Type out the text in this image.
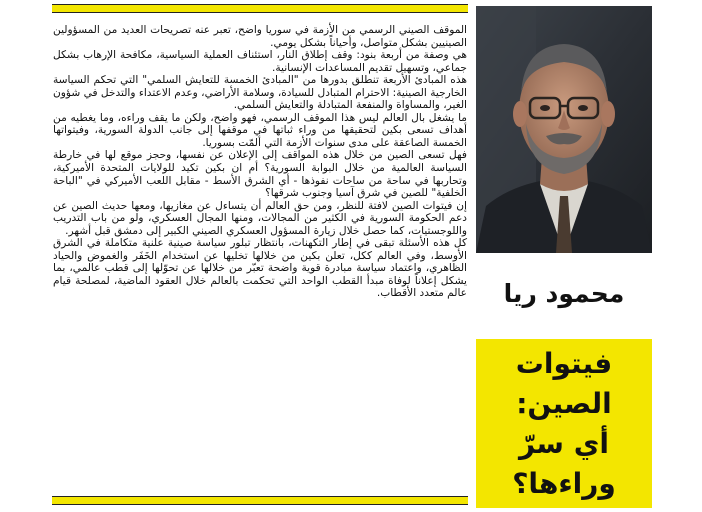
الموقف الصيني الرسمي من الأزمة في سوريا واضح، تعبر عنه تصريحات العديد من المسؤولين الصينيين بشكل متواصل، وأحياناً بشكل يومي.

هي وصفة من أربعة بنود: وقف إطلاق النار، استئناف العملية السياسية، مكافحة الإرهاب بشكل جماعي، وتسهيل تقديم المساعدات الإنسانية.

هذه المبادئ الأربعة تنطلق بدورها من "المبادئ الخمسة للتعايش السلمي" التي تحكم السياسة الخارجية الصينية: الاحترام المتبادل للسيادة، وسلامة الأراضي، وعدم الاعتداء والتدخل في شؤون الغير، والمساواة والمنفعة المتبادلة والتعايش السلمي.

ما يشغل بال العالم ليس هذا الموقف الرسمي، فهو واضح، ولكن ما يقف وراءه، وما يغطيه من أهداف تسعى بكين لتحقيقها من وراء ثباتها في موقفها إلى جانب الدولة السورية، وفيتواتها الخمسة الصاعقة على مدى سنوات الأزمة التي ألمّت بسوريا.

فهل تسعى الصين من خلال هذه المواقف إلى الإعلان عن نفسها، وحجز موقع لها في خارطة السياسة العالمية من خلال البوابة السورية؟ أم ان بكين تكيد للولايات المتحدة الأميركية، وتحاربها في ساحة من ساحات نفوذها - أي الشرق الأسط - مقابل اللعب الأميركي في "الباحة الخلفية" للصين في شرق آسيا وجنوب شرقها؟

إن فيتوات الصين لافتة للنظر، ومن حق العالم أن يتساءل عن مغازيها، ومعها حديث الصين عن دعم الحكومة السورية في الكثير من المجالات، ومنها المجال العسكري، ولو من باب التدريب واللوجستيات، كما حصل خلال زيارة المسؤول العسكري الصيني الكبير إلى دمشق قبل أشهر.

كل هذه الأسئلة تبقى في إطار التكهنات، بانتظار تبلور سياسة صينية علنية متكاملة في الشرق الأوسط، وفي العالم ككل، تعلن بكين من خلالها تخليها عن استخدام الخَفَر والغموض والحياد الظاهري، واعتماد سياسة مبادرة قوية واضحة تعبّر من خلالها عن تحوّلها إلى قطب عالمي، بما يشكل إعلاناً لوفاة مبدأ القطب الواحد التي تحكمت بالعالم خلال العقود الماضية، لمصلحة قيام عالم متعدد الأقطاب.	محمود ريا
فيتوات الصين:
أي سرّ وراءها؟
